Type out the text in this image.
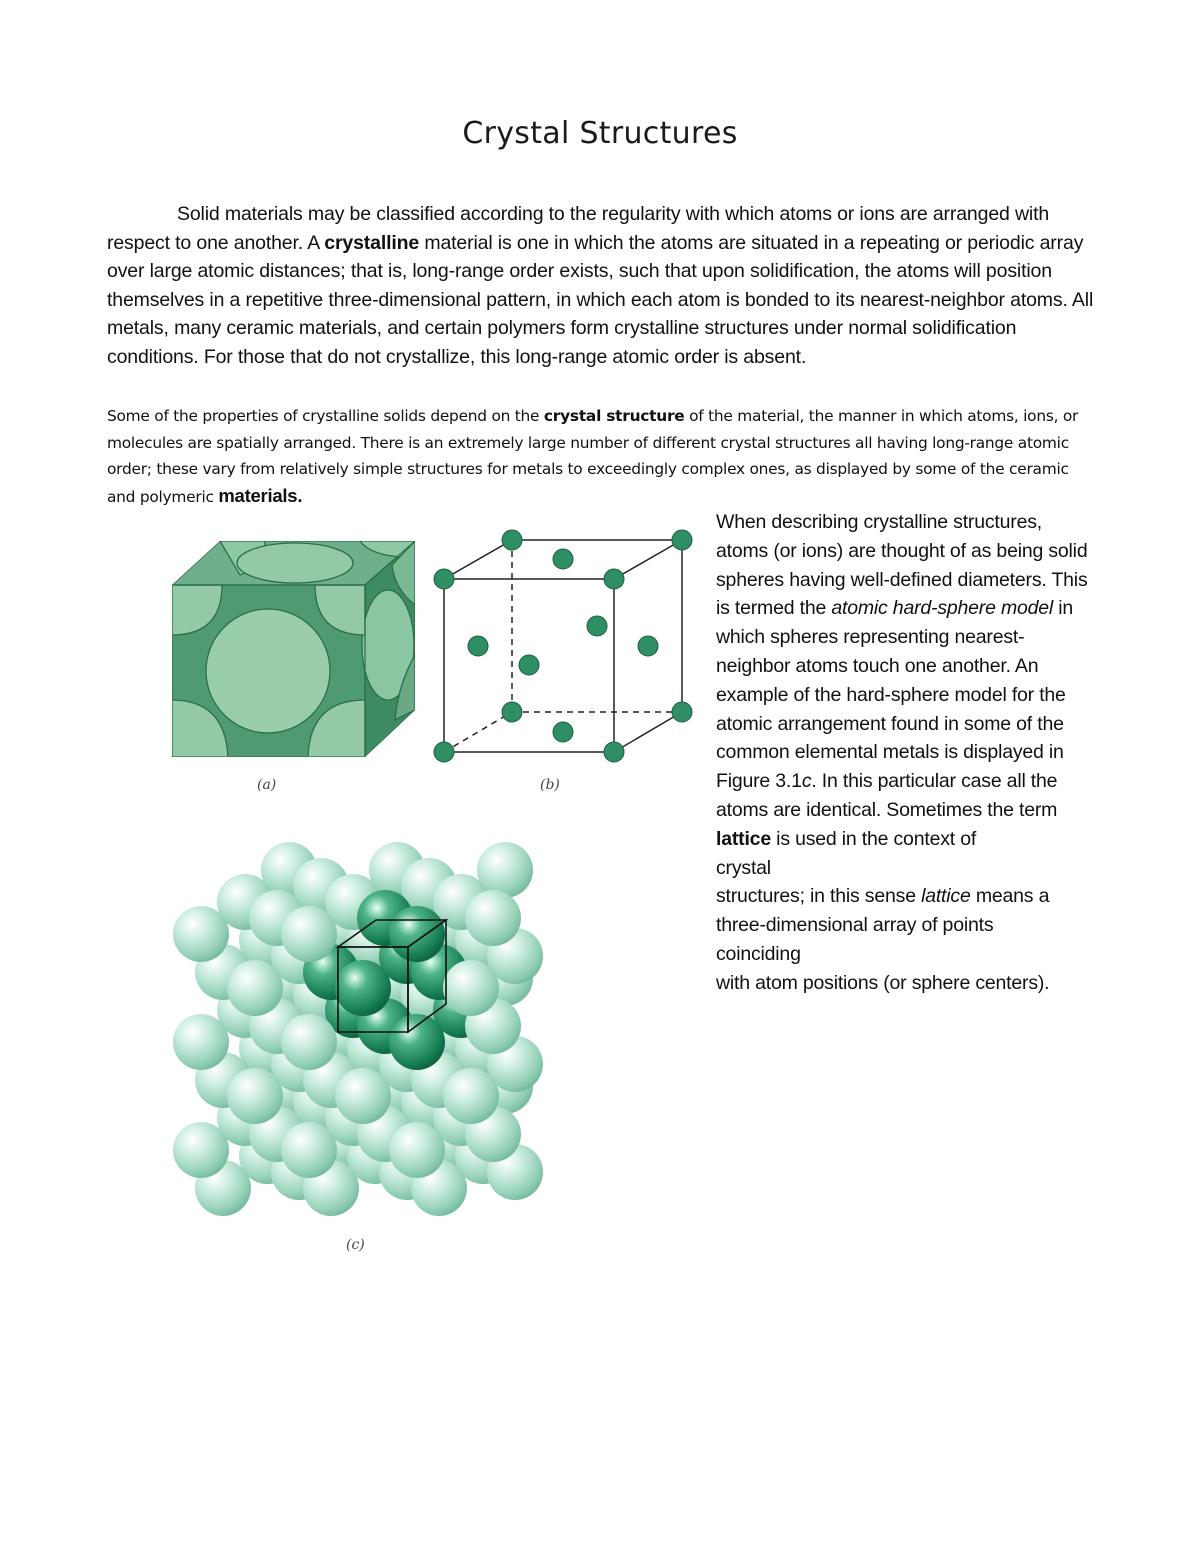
Crystal Structures

Solid materials may be classified according to the regularity with which atoms or ions are arranged with respect to one another. A crystalline material is one in which the atoms are situated in a repeating or periodic array over large atomic distances; that is, long-range order exists, such that upon solidification, the atoms will position themselves in a repetitive three-dimensional pattern, in which each atom is bonded to its nearest-neighbor atoms. All metals, many ceramic materials, and certain polymers form crystalline structures under normal solidification conditions. For those that do not crystallize, this long-range atomic order is absent.

Some of the properties of crystalline solids depend on the crystal structure of the material, the manner in which atoms, ions, or molecules are spatially arranged. There is an extremely large number of different crystal structures all having long-range atomic order; these vary from relatively simple structures for metals to exceedingly complex ones, as displayed by some of the ceramic and polymeric materials.

When describing crystalline structures, atoms (or ions) are thought of as being solid spheres having well-defined diameters. This is termed the atomic hard-sphere model in which spheres representing nearest-neighbor atoms touch one another. An example of the hard-sphere model for the atomic arrangement found in some of the common elemental metals is displayed in Figure 3.1c. In this particular case all the atoms are identical. Sometimes the term lattice is used in the context of
crystal
structures; in this sense lattice means a three-dimensional array of points
coinciding
with atom positions (or sphere centers).

(a)	(b)
(c)
